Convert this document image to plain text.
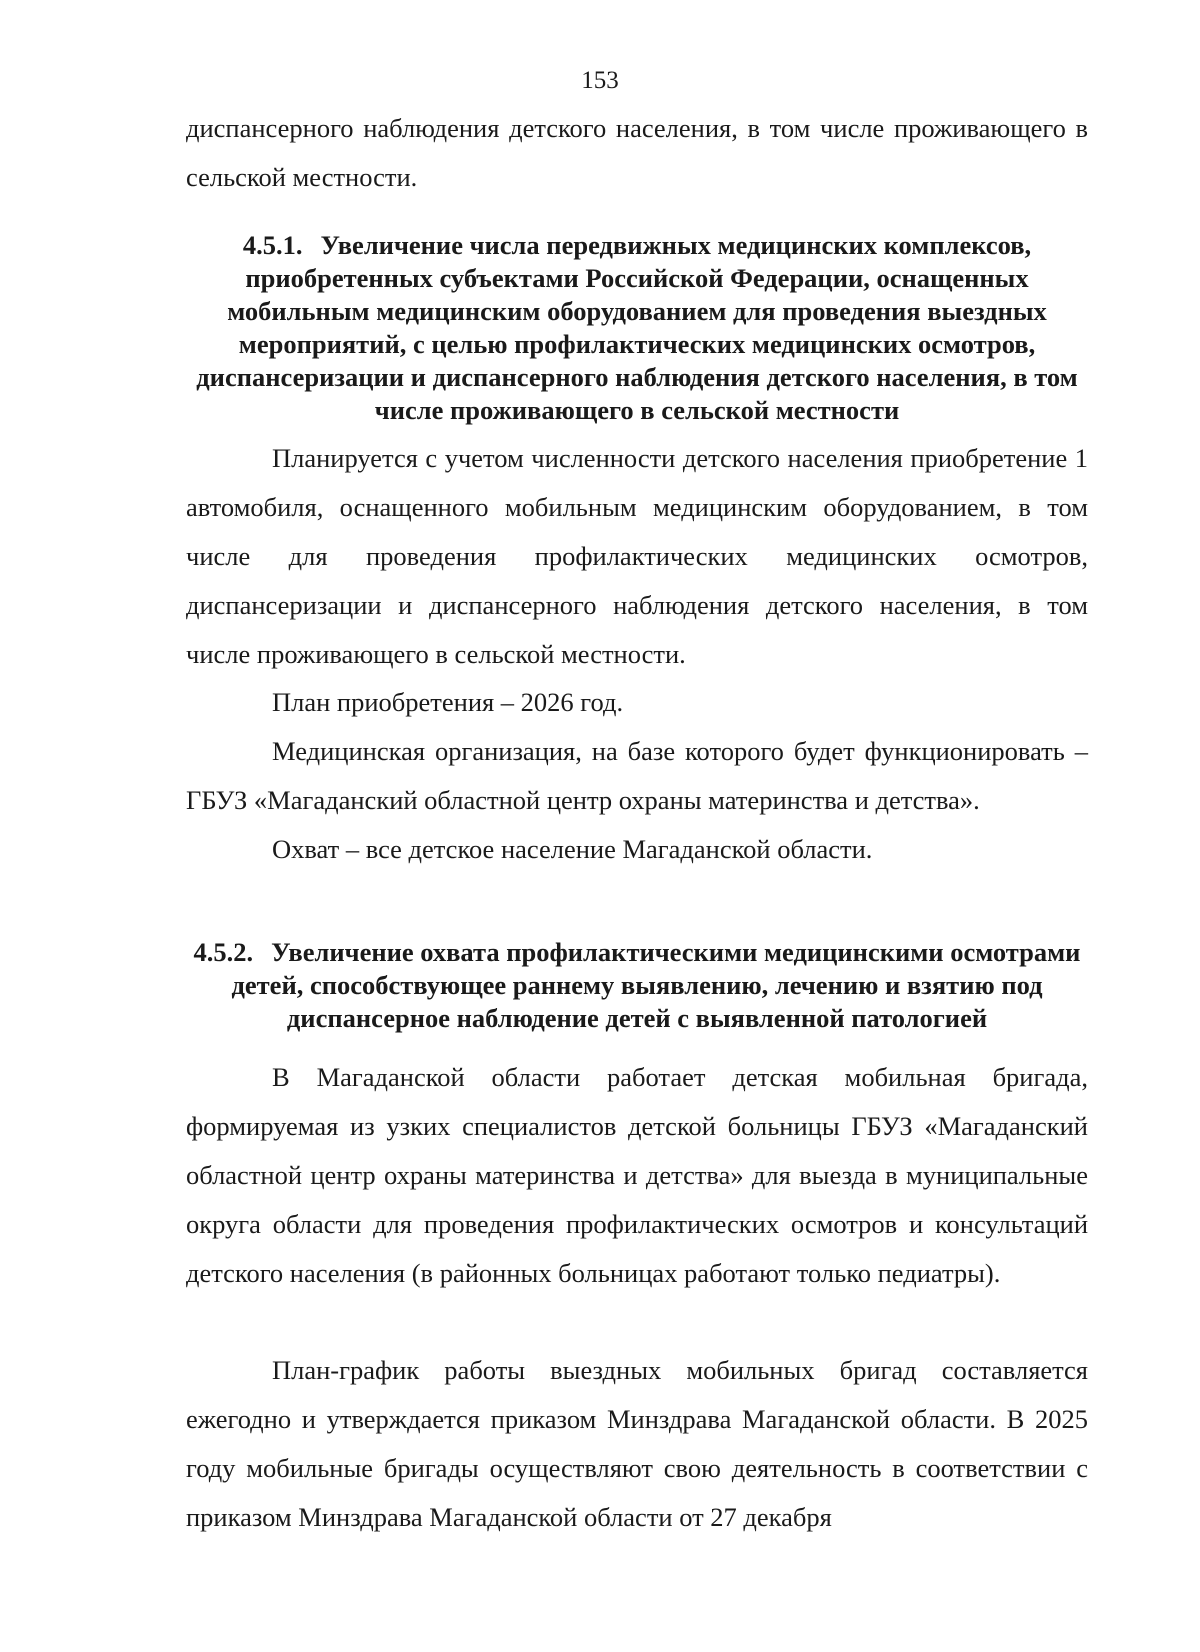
153

диспансерного наблюдения детского населения, в том числе проживающего в сельской местности.

4.5.1. Увеличение числа передвижных медицинских комплексов, приобретенных субъектами Российской Федерации, оснащенных мобильным медицинским оборудованием для проведения выездных мероприятий, с целью профилактических медицинских осмотров, диспансеризации и диспансерного наблюдения детского населения, в том числе проживающего в сельской местности

Планируется с учетом численности детского населения приобретение 1 автомобиля, оснащенного мобильным медицинским оборудованием, в том числе для проведения профилактических медицинских осмотров, диспансеризации и диспансерного наблюдения детского населения, в том числе проживающего в сельской местности.

План приобретения – 2026 год.

Медицинская организация, на базе которого будет функционировать – ГБУЗ «Магаданский областной центр охраны материнства и детства».

Охват – все детское население Магаданской области.

4.5.2. Увеличение охвата профилактическими медицинскими осмотрами детей, способствующее раннему выявлению, лечению и взятию под диспансерное наблюдение детей с выявленной патологией

В Магаданской области работает детская мобильная бригада, формируемая из узких специалистов детской больницы ГБУЗ «Магаданский областной центр охраны материнства и детства» для выезда в муниципальные округа области для проведения профилактических осмотров и консультаций детского населения (в районных больницах работают только педиатры).

План-график работы выездных мобильных бригад составляется ежегодно и утверждается приказом Минздрава Магаданской области. В 2025 году мобильные бригады осуществляют свою деятельность в соответствии с приказом Минздрава Магаданской области от 27 декабря
